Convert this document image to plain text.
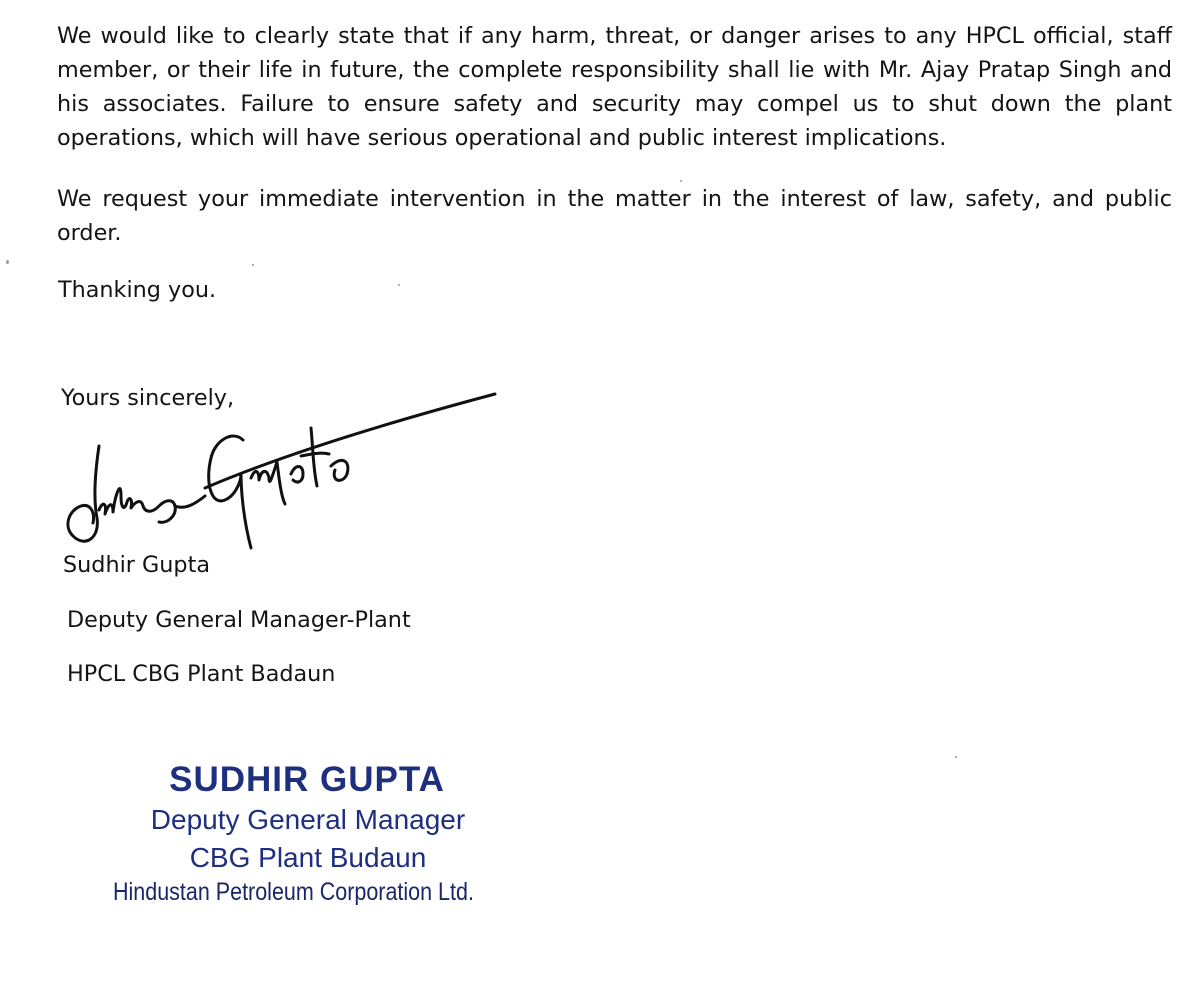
We would like to clearly state that if any harm, threat, or danger arises to any HPCL official, staff member, or their life in future, the complete responsibility shall lie with Mr. Ajay Pratap Singh and his associates. Failure to ensure safety and security may compel us to shut down the plant operations, which will have serious operational and public interest implications.

We request your immediate intervention in the matter in the interest of law, safety, and public order.

Thanking you.

Yours sincerely,

Sudhir Gupta

Deputy General Manager-Plant

HPCL CBG Plant Badaun

SUDHIR GUPTA
Deputy General Manager
CBG Plant Budaun
Hindustan Petroleum Corporation Ltd.
